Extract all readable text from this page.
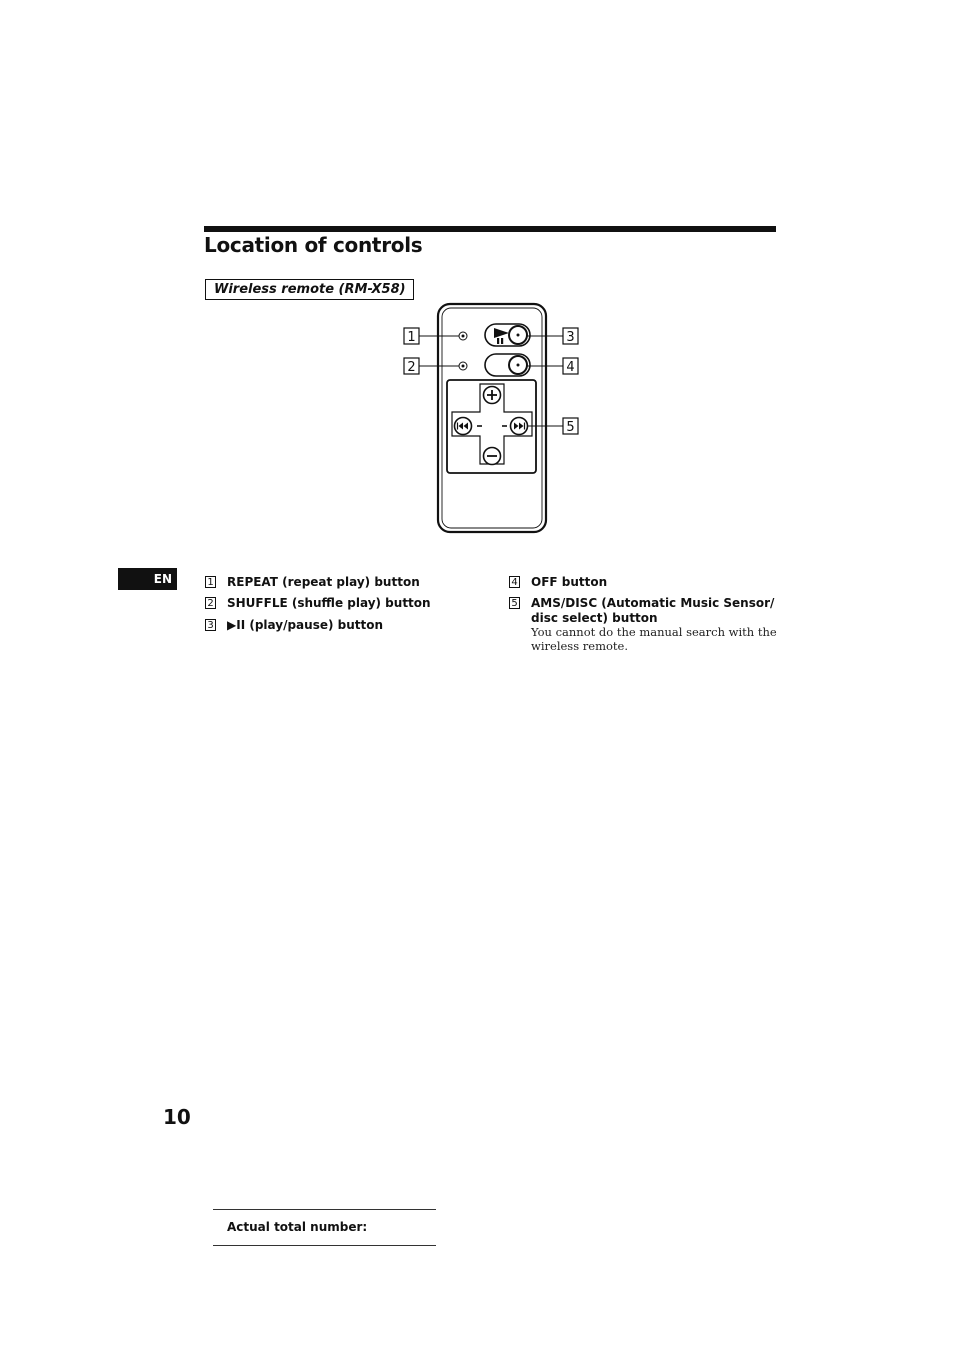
Location of controls
Wireless remote (RM-X58)
1
2
3
4
5
EN	1 REPEAT (repeat play) button
2 SHUFFLE (shuffle play) button
3 ▶II (play/pause) button
4 OFF button
5 AMS/DISC (Automatic Music Sensor/
disc select) button
You cannot do the manual search with the wireless remote.
10
Actual total number:
